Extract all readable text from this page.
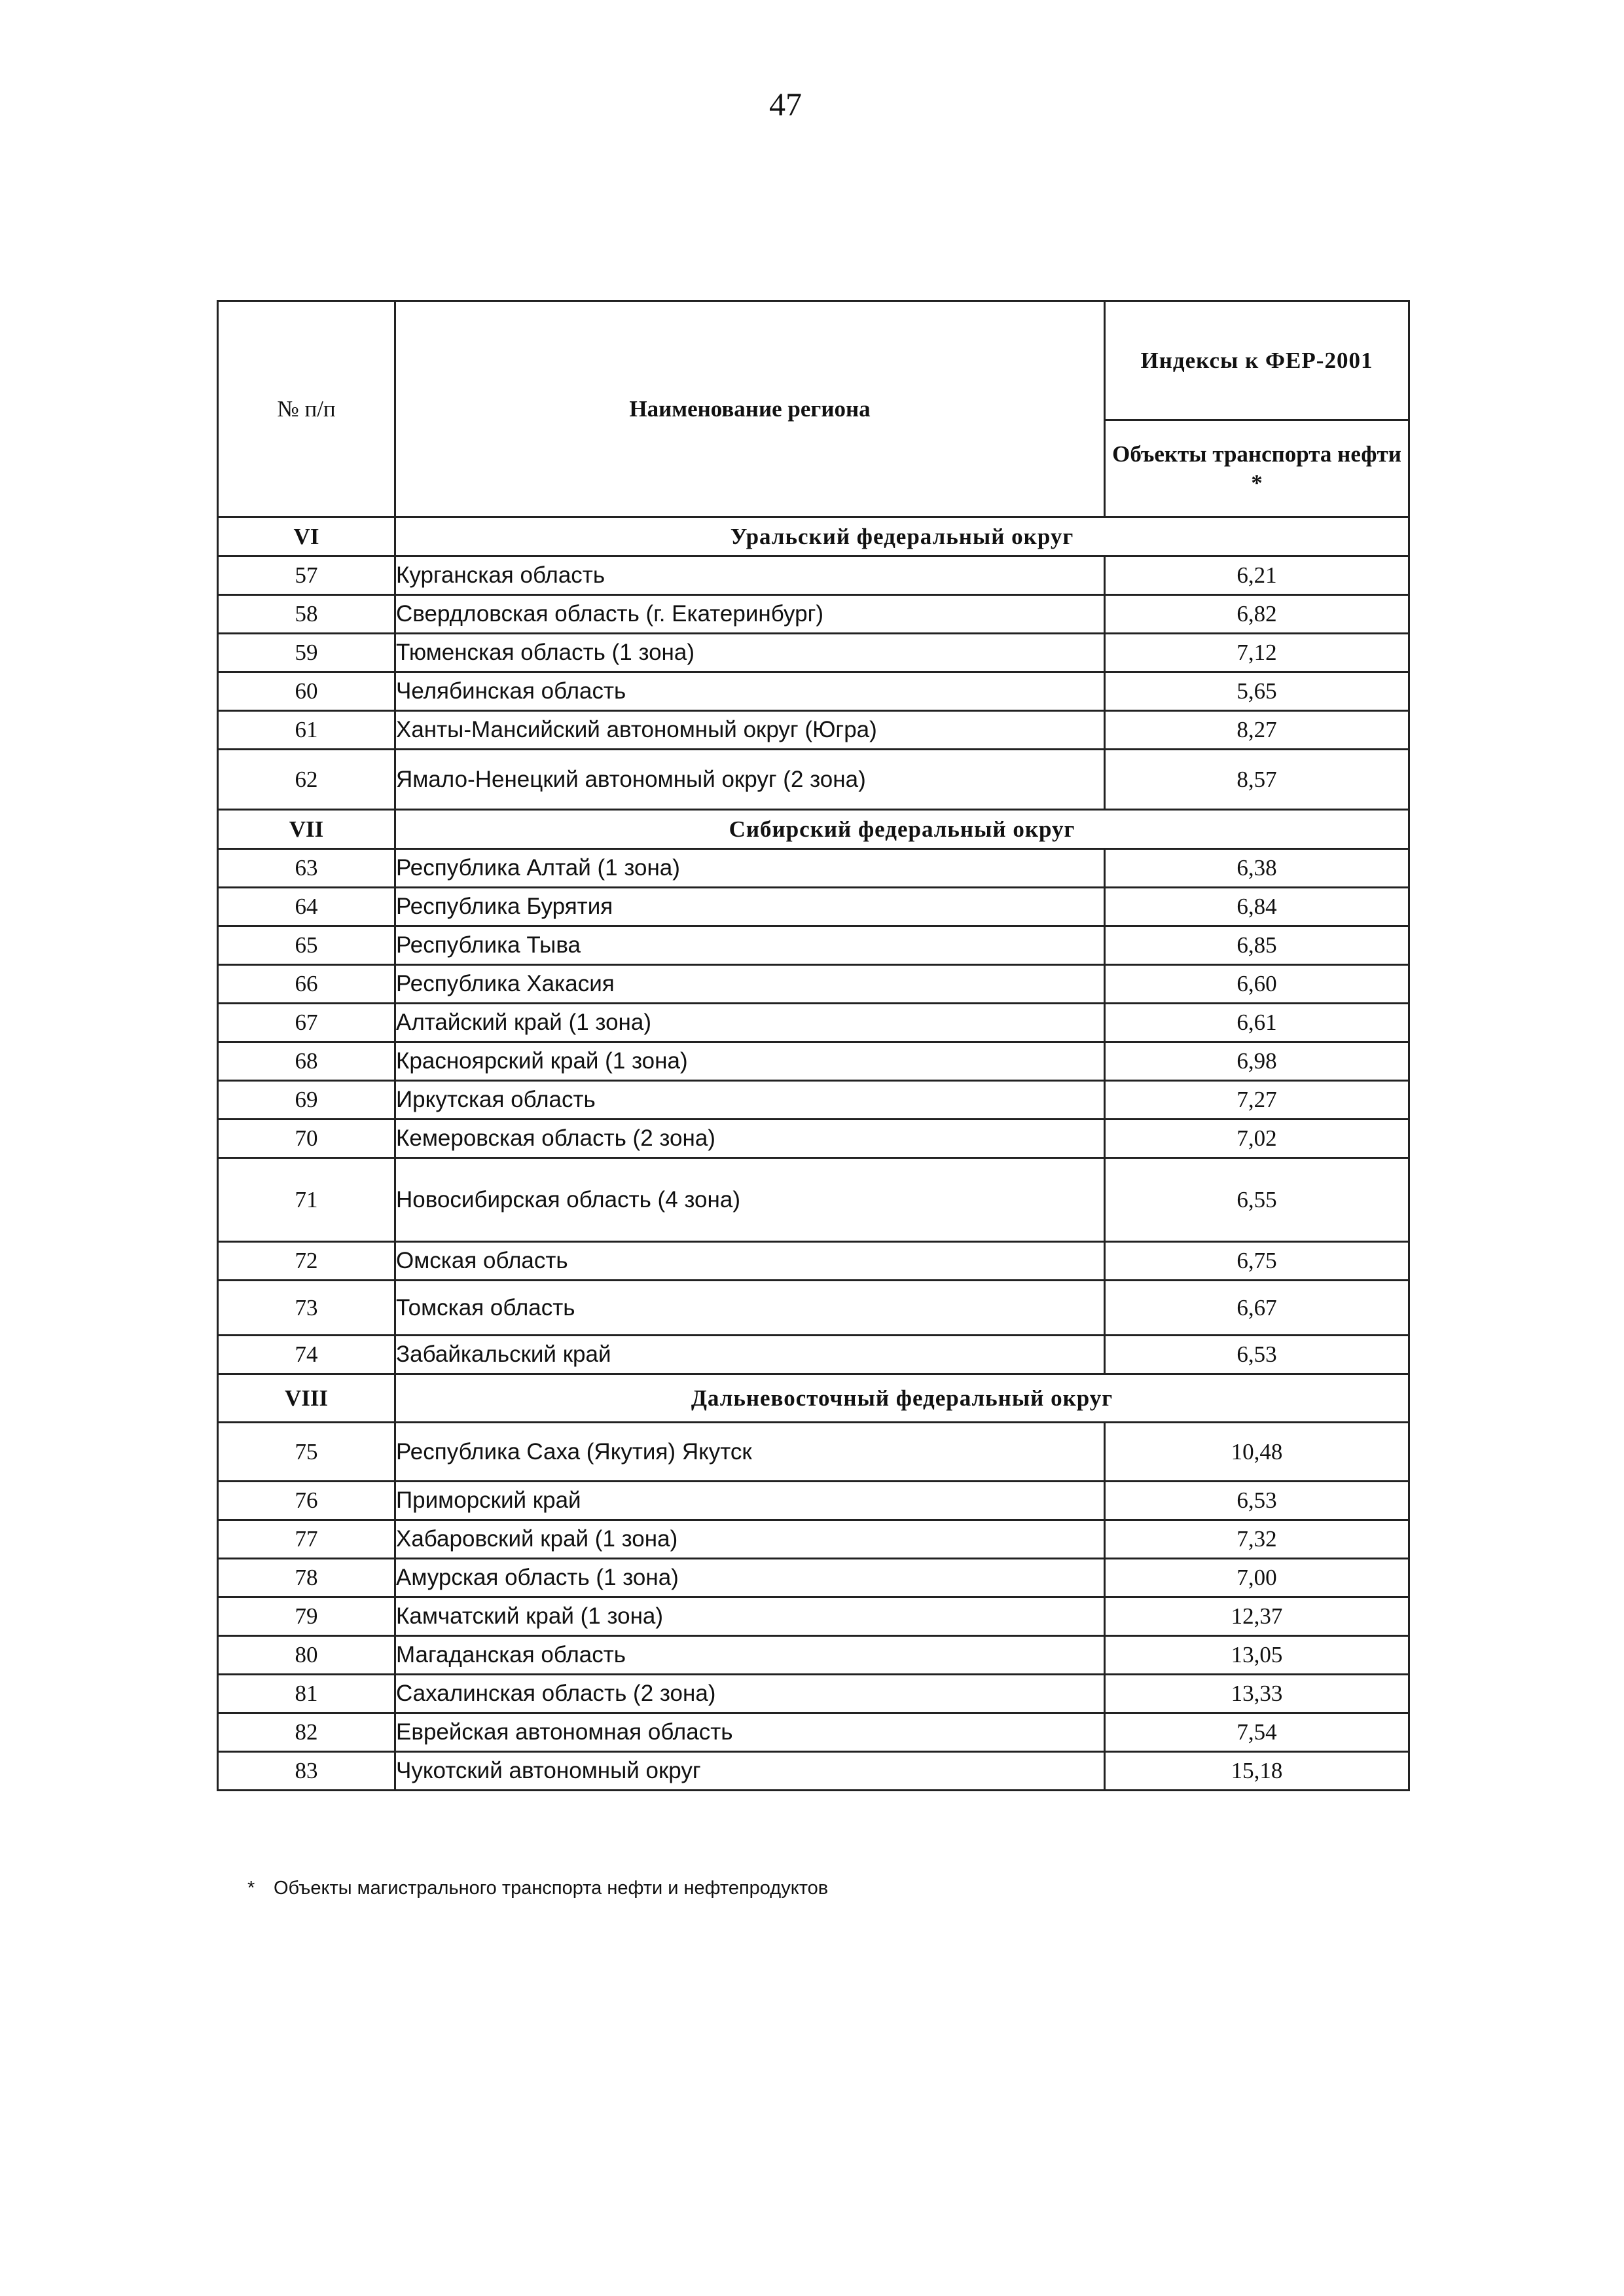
47
№ п/п	Наименование региона	Индексы к ФЕР-2001
		Объекты транспорта нефти *
VI	Уральский федеральный округ	
57	Курганская область	6,21
58	Свердловская область (г. Екатеринбург)	6,82
59	Тюменская область (1 зона)	7,12
60	Челябинская область	5,65
61	Ханты-Мансийский автономный округ (Югра)	8,27
62	Ямало-Ненецкий автономный округ (2 зона)	8,57
VII	Сибирский федеральный округ	
63	Республика Алтай (1 зона)	6,38
64	Республика Бурятия	6,84
65	Республика Тыва	6,85
66	Республика Хакасия	6,60
67	Алтайский край (1 зона)	6,61
68	Красноярский край (1 зона)	6,98
69	Иркутская область	7,27
70	Кемеровская область (2 зона)	7,02
71	Новосибирская область (4 зона)	6,55
72	Омская область	6,75
73	Томская область	6,67
74	Забайкальский край	6,53
VIII	Дальневосточный федеральный округ	
75	Республика Саха (Якутия) Якутск	10,48
76	Приморский край	6,53
77	Хабаровский край (1 зона)	7,32
78	Амурская область (1 зона)	7,00
79	Камчатский край (1 зона)	12,37
80	Магаданская область	13,05
81	Сахалинская область (2 зона)	13,33
82	Еврейская автономная область	7,54
83	Чукотский автономный округ	15,18
* Объекты магистрального транспорта нефти и нефтепродуктов
